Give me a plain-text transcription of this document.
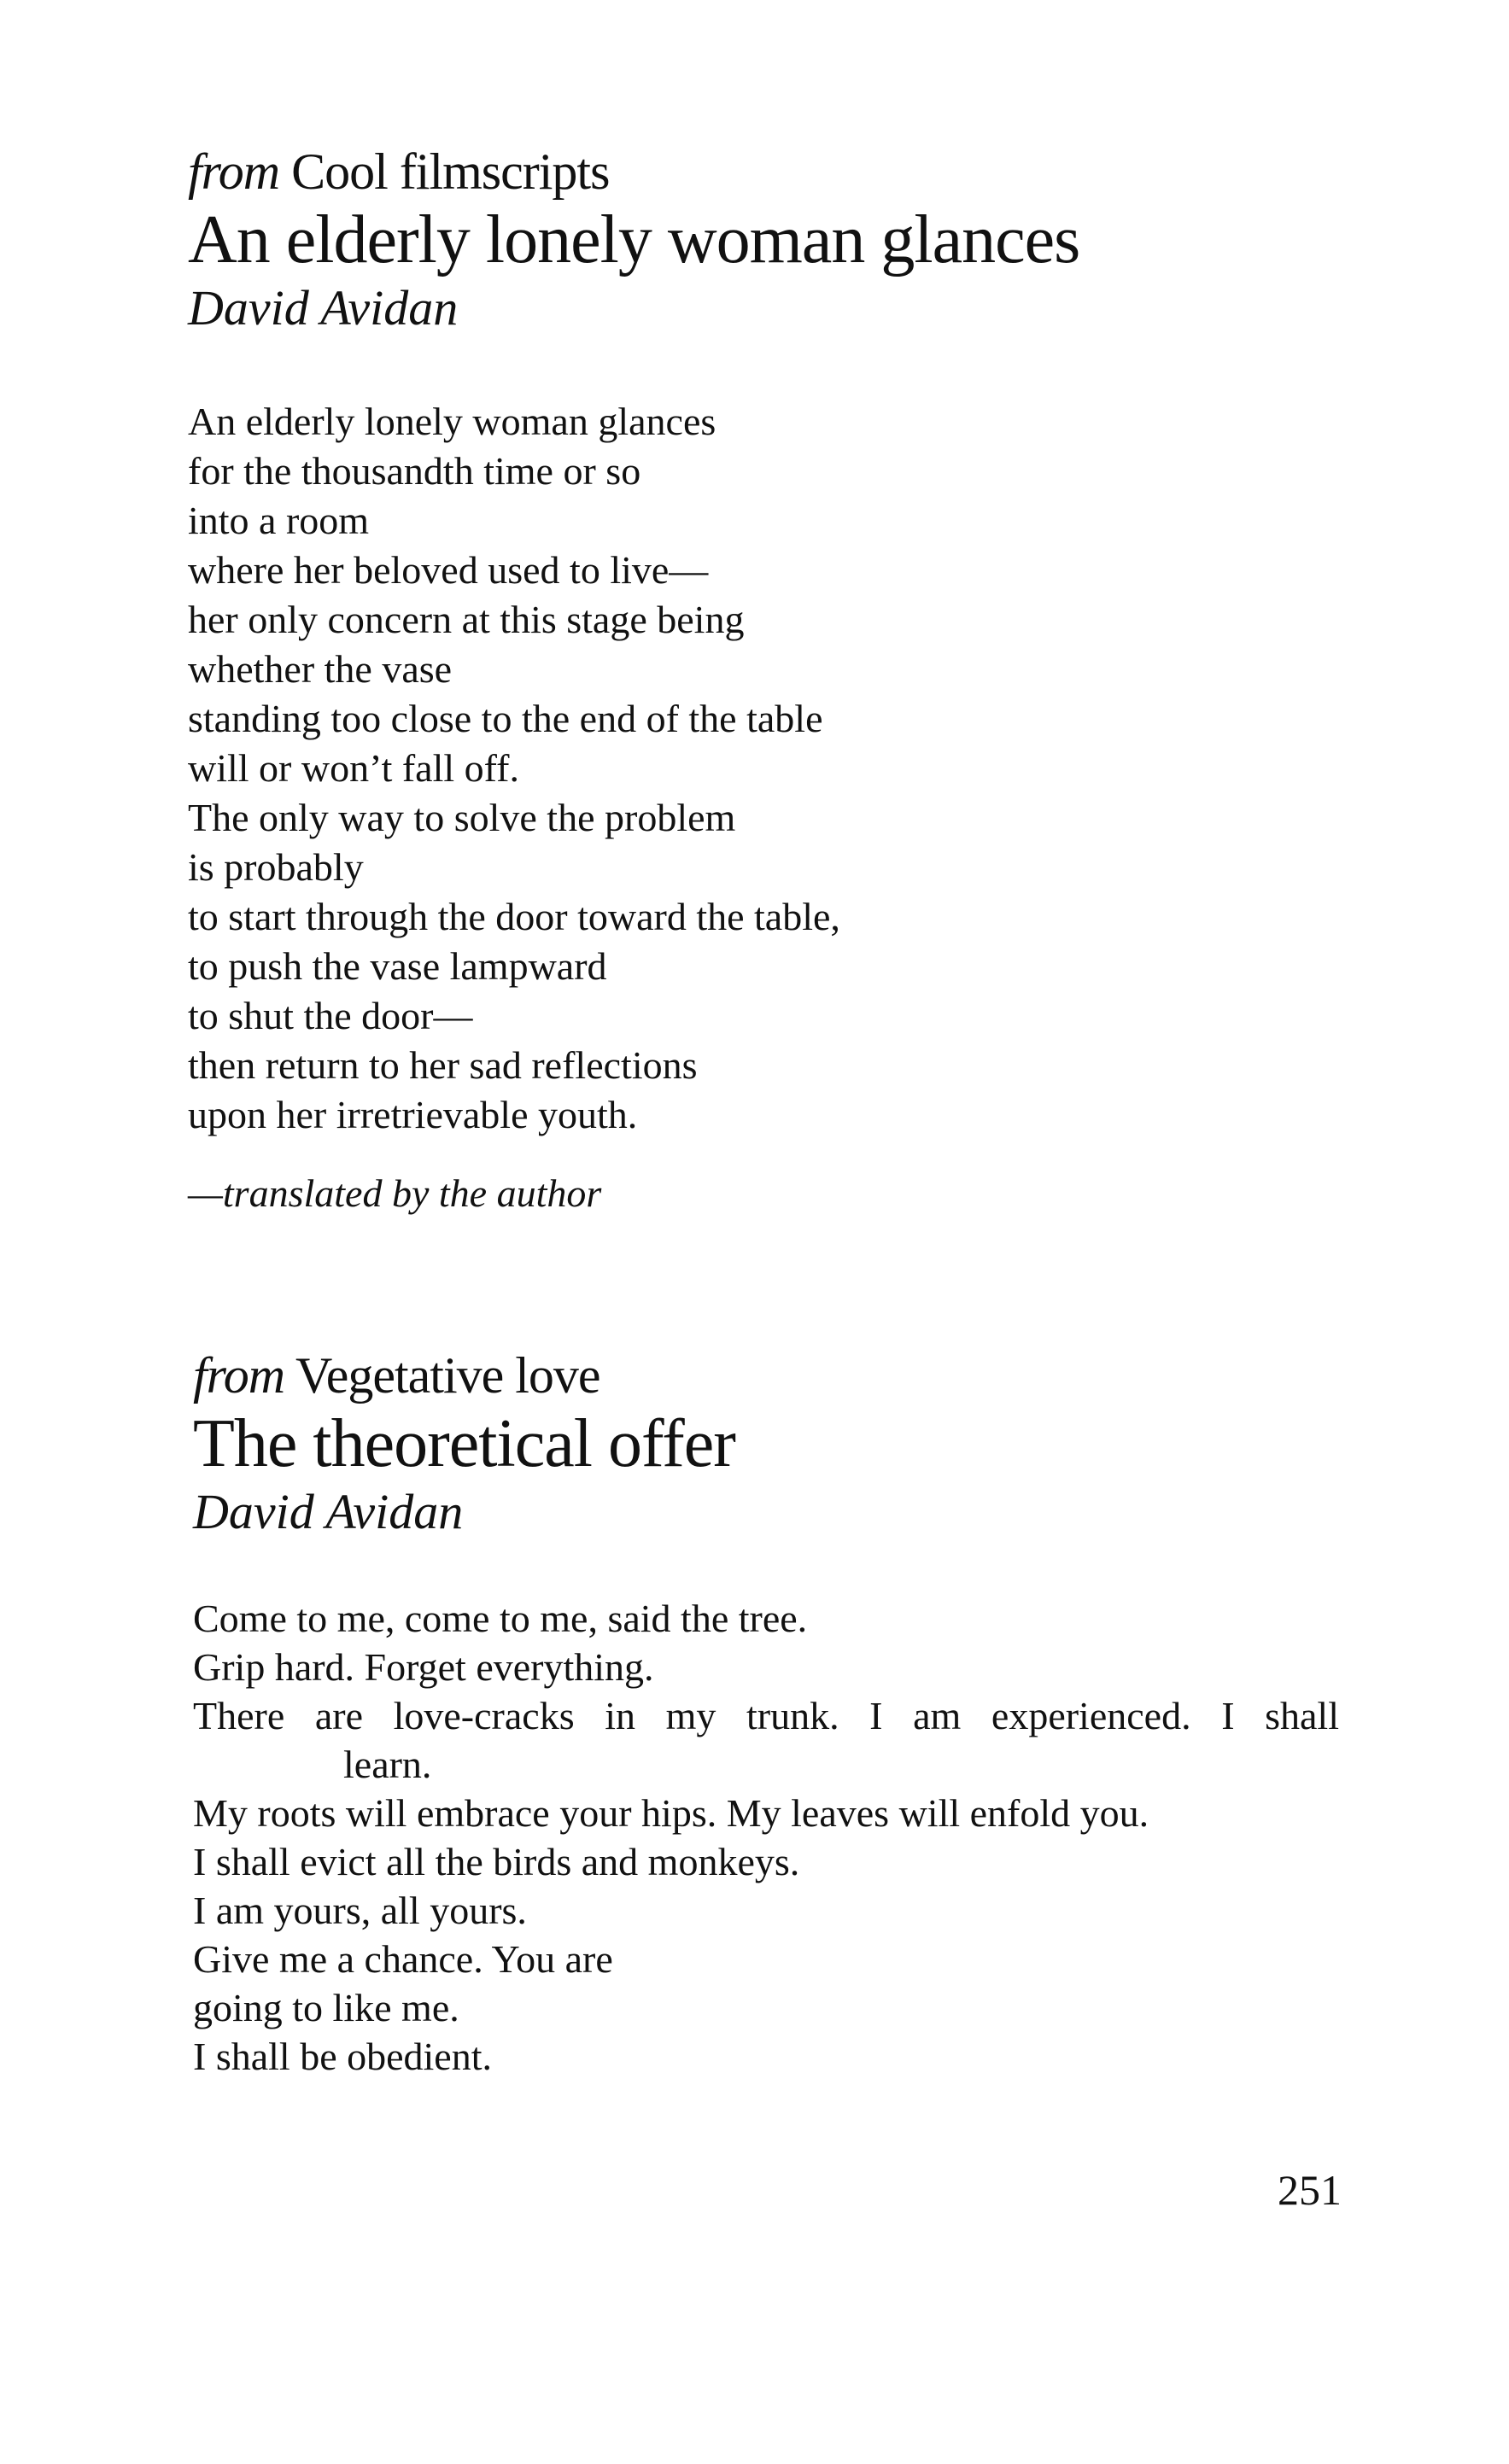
from Cool filmscripts
An elderly lonely woman glances
David Avidan
An elderly lonely woman glances
for the thousandth time or so
into a room
where her beloved used to live—
her only concern at this stage being
whether the vase
standing too close to the end of the table
will or won’t fall off.
The only way to solve the problem
is probably
to start through the door toward the table,
to push the vase lampward
to shut the door—
then return to her sad reflections
upon her irretrievable youth.
—translated by the author
from Vegetative love
The theoretical offer
David Avidan
Come to me, come to me, said the tree.
Grip hard. Forget everything.
There are love-cracks in my trunk. I am experienced. I shall
learn.
My roots will embrace your hips. My leaves will enfold you.
I shall evict all the birds and monkeys.
I am yours, all yours.
Give me a chance. You are
going to like me.
I shall be obedient.
251
